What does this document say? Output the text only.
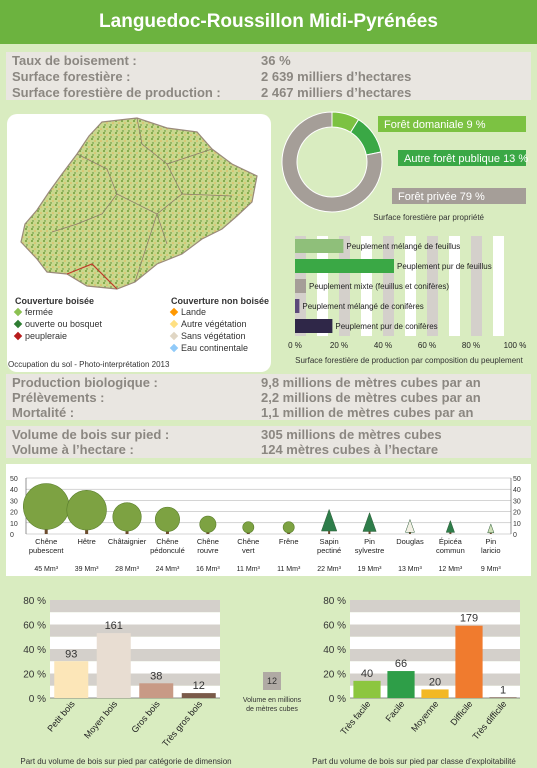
Languedoc-Roussillon Midi-Pyrénées
Taux de boisement :	36 %
Surface forestière :	2 639 milliers d’hectares
Surface forestière de production :	2 467 milliers d’hectares
Couverture boisée
fermée
ouverte ou bosquet
peupleraie
Couverture non boisée
Lande
Autre végétation
Sans végétation
Eau continentale
Occupation du sol - Photo-interprétation 2013
Forêt domaniale 9 %
Autre forêt publique 13 %
Forêt privée 79 %
Surface forestière par propriété
Peuplement mélangé de feuillus
Peuplement pur de feuillus
Peuplement mixte (feuillus et conifères)
Peuplement mélangé de conifères
Peuplement pur de conifères
0 %	20 %	40 %	60 %	80 %	100 %
Surface forestière de production par composition du peuplement
Production biologique :	9,8 millions de mètres cubes par an
Prélèvements :	2,2 millions de mètres cubes par an
Mortalité :	1,1 million de mètres cubes par an
Volume de bois sur pied :	305 millions de mètres cubes
Volume à l’hectare :	124 mètres cubes à l’hectare
0	0
10	10
20	20
30	30
40	40
50	50
Chêne
pubescent
45 Mm³
Hêtre
39 Mm³
Châtaignier
28 Mm³
Chêne
pédonculé
24 Mm³
Chêne
rouvre
16 Mm³
Chêne
vert
11 Mm³
Frêne
11 Mm³
Sapin
pectiné
22 Mm³
Pin
sylvestre
19 Mm³
Douglas
13 Mm³
Épicéa
commun
12 Mm³
Pin
laricio
9 Mm³
0 %
20 %
40 %
60 %
80 %
93
Petit bois
161
Moyen bois
38
Gros bois
12
Très gros bois
Part du volume de bois sur pied par catégorie de dimension
12
Volume en millions de mètres cubes
0 %
20 %
40 %
60 %
80 %
40
Très facile
66
Facile
20
Moyenne
179
Difficile
1
Très difficile
Part du volume de bois sur pied par classe d’exploitabilité
